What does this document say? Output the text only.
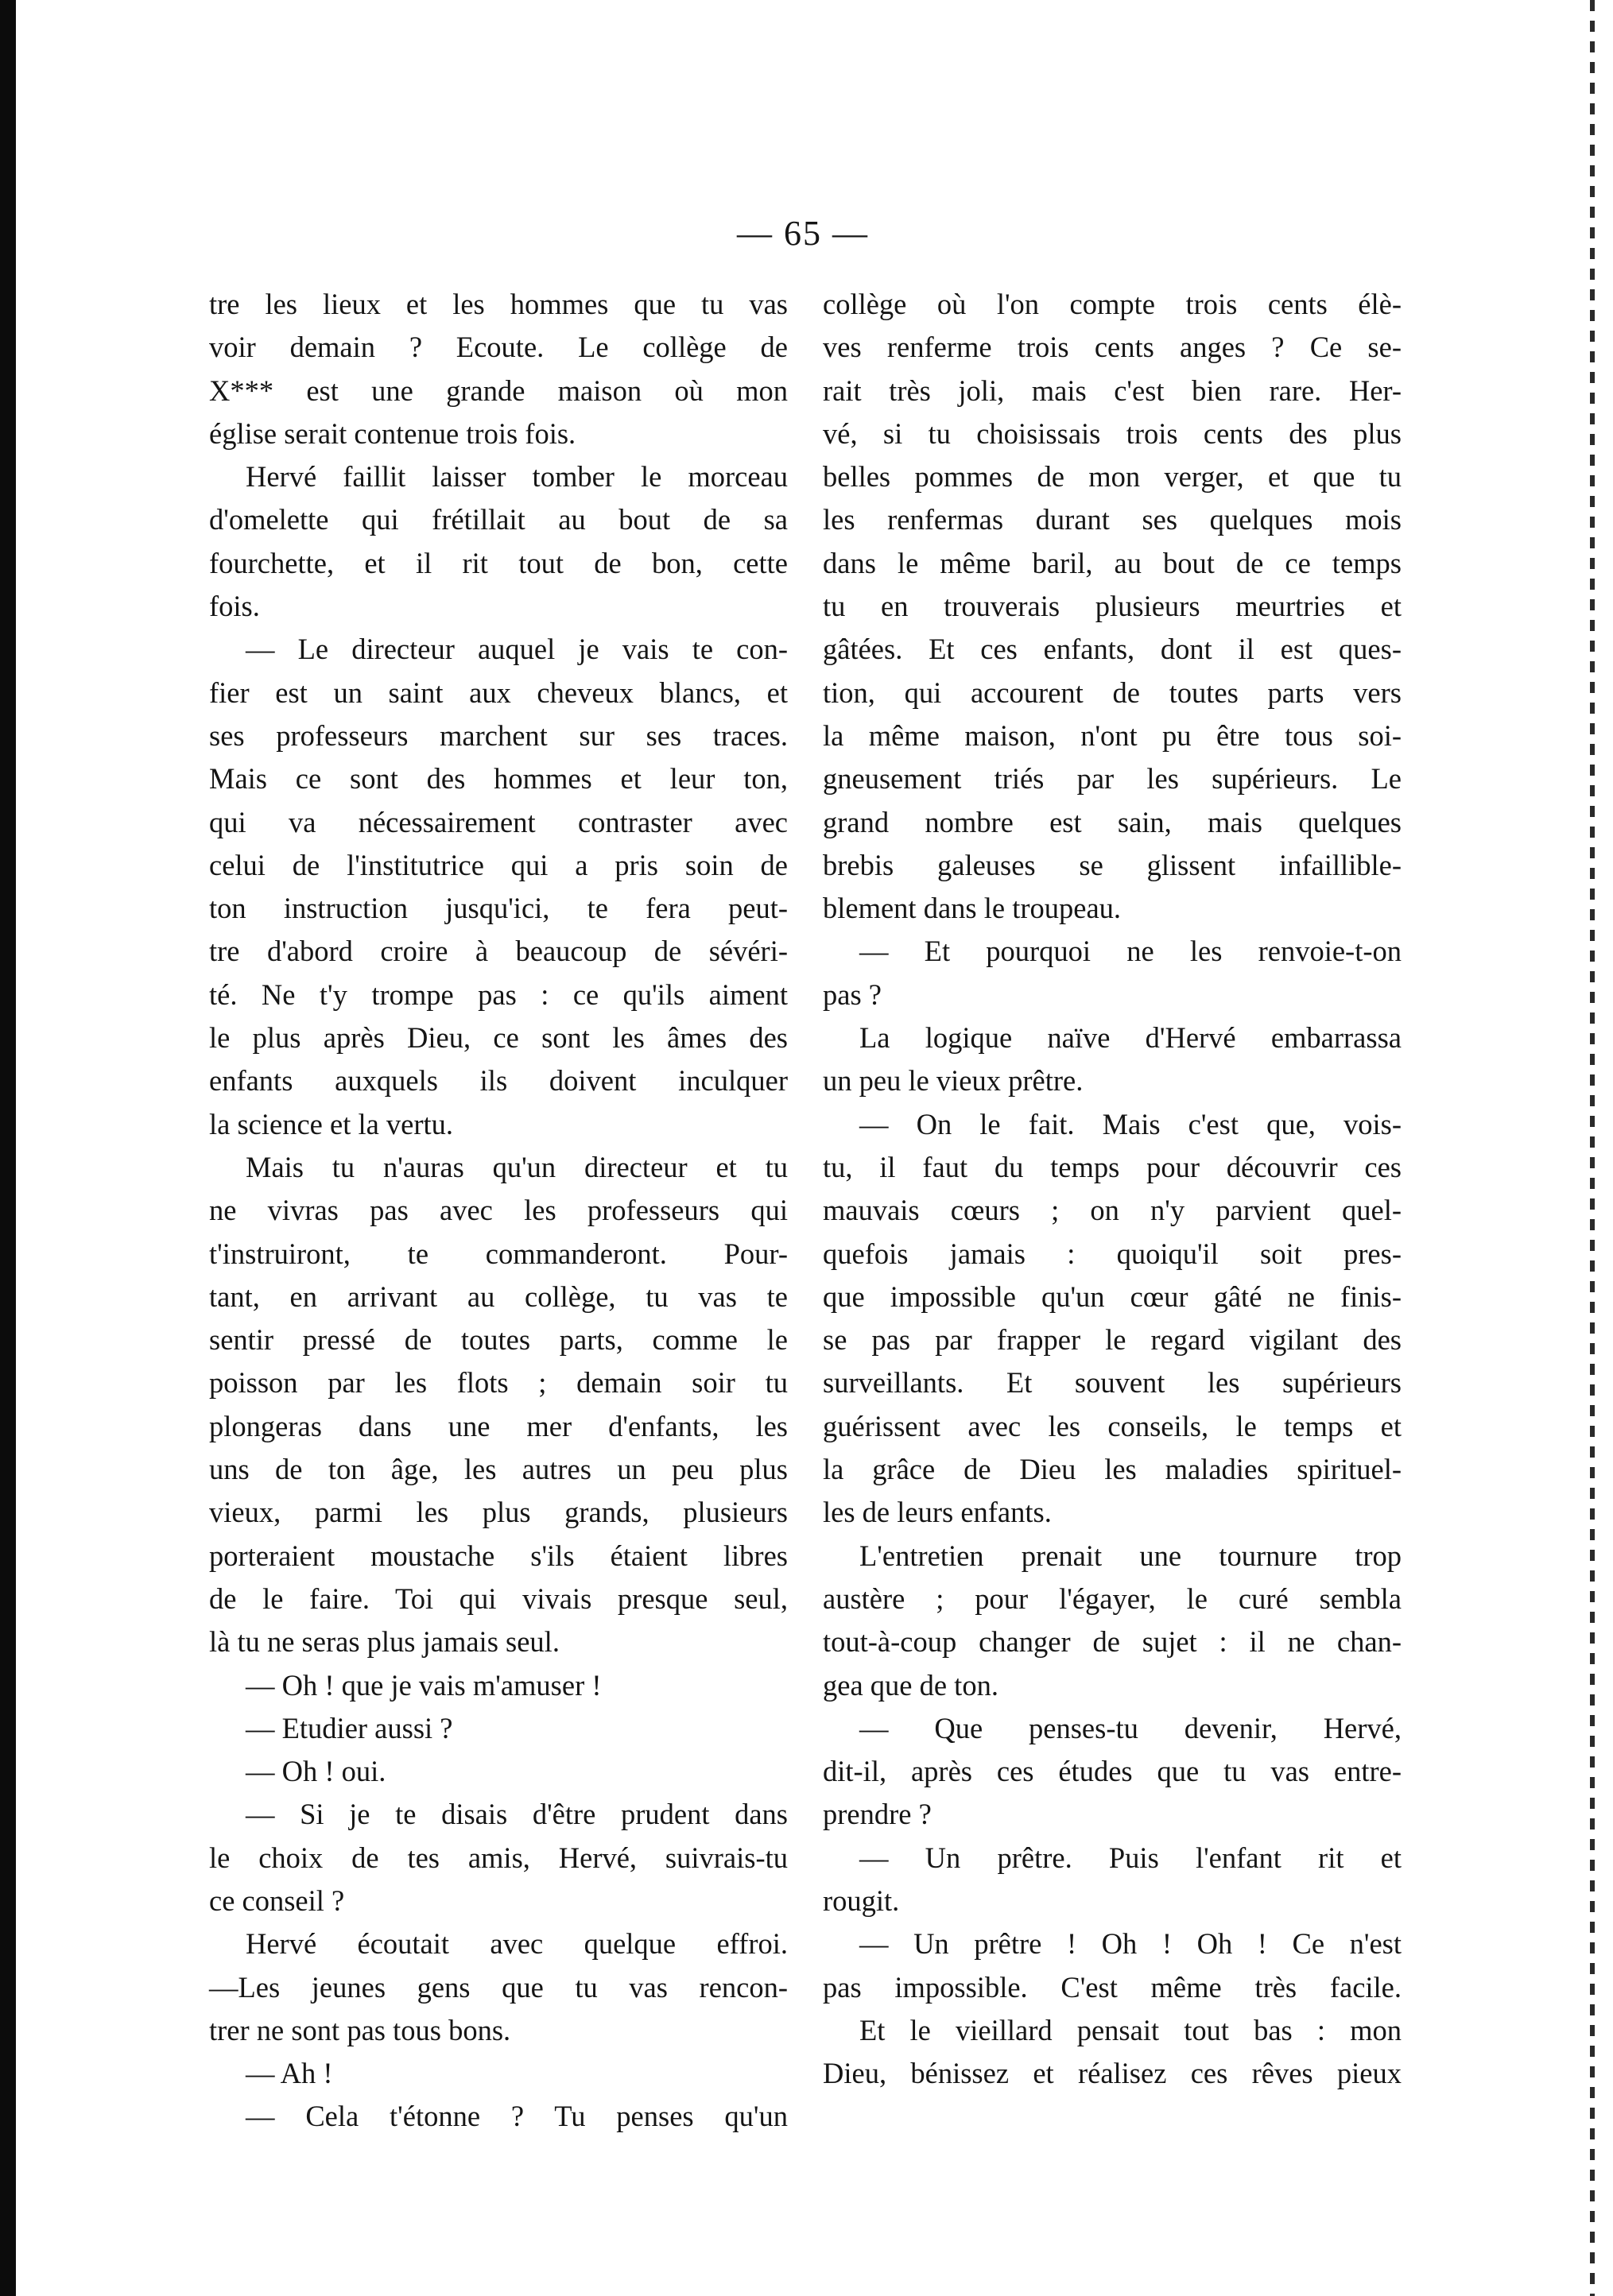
— 65 —

tre les lieux et les hommes que tu vas

voir demain ? Ecoute. Le collège de

X*** est une grande maison où mon

église serait contenue trois fois.

Hervé faillit laisser tomber le morceau

d'omelette qui frétillait au bout de sa

fourchette, et il rit tout de bon, cette

fois.

— Le directeur auquel je vais te con-

fier est un saint aux cheveux blancs, et

ses professeurs marchent sur ses traces.

Mais ce sont des hommes et leur ton,

qui va nécessairement contraster avec

celui de l'institutrice qui a pris soin de

ton instruction jusqu'ici, te fera peut-

tre d'abord croire à beaucoup de sévéri-

té. Ne t'y trompe pas : ce qu'ils aiment

le plus après Dieu, ce sont les âmes des

enfants auxquels ils doivent inculquer

la science et la vertu.

Mais tu n'auras qu'un directeur et tu

ne vivras pas avec les professeurs qui

t'instruiront, te commanderont. Pour-

tant, en arrivant au collège, tu vas te

sentir pressé de toutes parts, comme le

poisson par les flots ; demain soir tu

plongeras dans une mer d'enfants, les

uns de ton âge, les autres un peu plus

vieux, parmi les plus grands, plusieurs

porteraient moustache s'ils étaient libres

de le faire. Toi qui vivais presque seul,

là tu ne seras plus jamais seul.

— Oh ! que je vais m'amuser !

— Etudier aussi ?

— Oh ! oui.

— Si je te disais d'être prudent dans

le choix de tes amis, Hervé, suivrais-tu

ce conseil ?

Hervé écoutait avec quelque effroi.

—Les jeunes gens que tu vas rencon-

trer ne sont pas tous bons.

— Ah !

— Cela t'étonne ? Tu penses qu'un

collège où l'on compte trois cents élè-

ves renferme trois cents anges ? Ce se-

rait très joli, mais c'est bien rare. Her-

vé, si tu choisissais trois cents des plus

belles pommes de mon verger, et que tu

les renfermas durant ses quelques mois

dans le même baril, au bout de ce temps

tu en trouverais plusieurs meurtries et

gâtées. Et ces enfants, dont il est ques-

tion, qui accourent de toutes parts vers

la même maison, n'ont pu être tous soi-

gneusement triés par les supérieurs. Le

grand nombre est sain, mais quelques

brebis galeuses se glissent infaillible-

blement dans le troupeau.

— Et pourquoi ne les renvoie-t-on

pas ?

La logique naïve d'Hervé embarrassa

un peu le vieux prêtre.

— On le fait. Mais c'est que, vois-

tu, il faut du temps pour découvrir ces

mauvais cœurs ; on n'y parvient quel-

quefois jamais : quoiqu'il soit pres-

que impossible qu'un cœur gâté ne finis-

se pas par frapper le regard vigilant des

surveillants. Et souvent les supérieurs

guérissent avec les conseils, le temps et

la grâce de Dieu les maladies spirituel-

les de leurs enfants.

L'entretien prenait une tournure trop

austère ; pour l'égayer, le curé sembla

tout-à-coup changer de sujet : il ne chan-

gea que de ton.

— Que penses-tu devenir, Hervé,

dit-il, après ces études que tu vas entre-

prendre ?

— Un prêtre. Puis l'enfant rit et

rougit.

— Un prêtre ! Oh ! Oh ! Ce n'est

pas impossible. C'est même très facile.

Et le vieillard pensait tout bas : mon

Dieu, bénissez et réalisez ces rêves pieux
